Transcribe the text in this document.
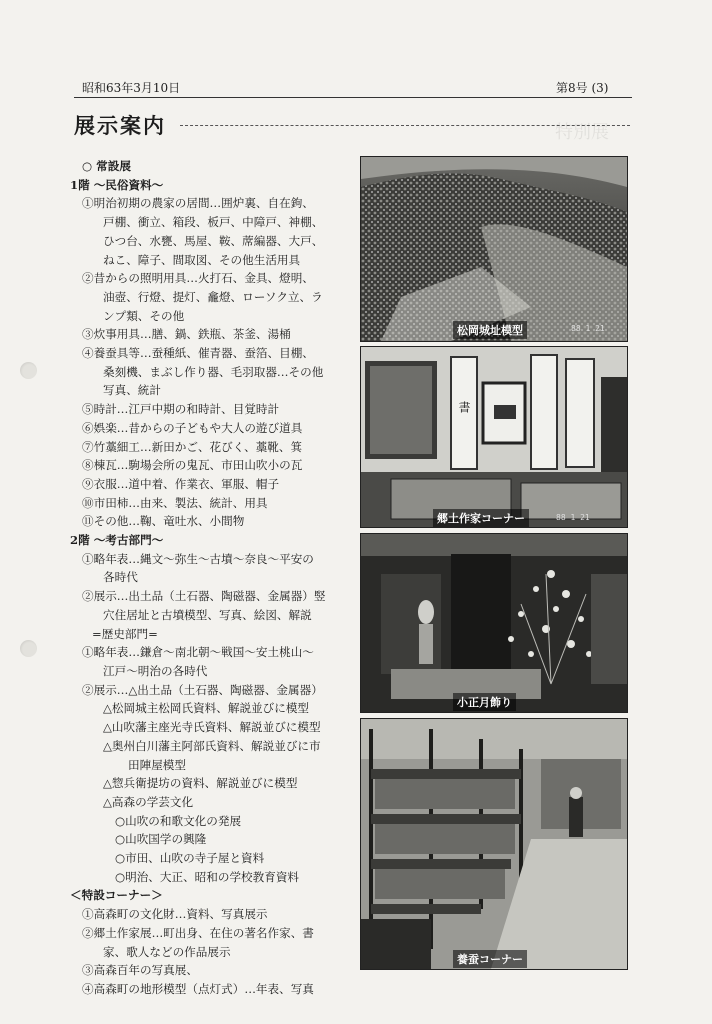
昭和63年3月10日	第8号 (3)
展示案内	特別展
○ 常設展
1階 〜民俗資料〜
①明治初期の農家の居間…囲炉裏、自在鉤、
戸棚、衝立、箱段、板戸、中障戸、神棚、
ひつ台、水甕、馬屋、鞍、蓆編器、大戸、
ねこ、障子、間取図、その他生活用具
②昔からの照明用具…火打石、金具、燈明、
油壺、行燈、提灯、龕燈、ローソク立、ラ
ンプ類、その他
③炊事用具…膳、鍋、鉄瓶、茶釜、湯桶
④養蚕具等…蚕種紙、催青器、蚕箔、目棚、
桑刻機、まぶし作り器、毛羽取器…その他
写真、統計
⑤時計…江戸中期の和時計、目覚時計
⑥娯楽…昔からの子どもや大人の遊び道具
⑦竹藁細工…新田かご、花びく、藁靴、箕
⑧棟瓦…駒場会所の鬼瓦、市田山吹小の瓦
⑨衣服…道中着、作業衣、軍服、帽子
⑩市田柿…由来、製法、統計、用具
⑪その他…鞠、竜吐水、小間物
2階 〜考古部門〜
①略年表…縄文〜弥生〜古墳〜奈良〜平安の
各時代
②展示…出土品（土石器、陶磁器、金属器）竪
穴住居址と古墳模型、写真、絵図、解説
=歴史部門=
①略年表…鎌倉〜南北朝〜戦国〜安土桃山〜
江戸〜明治の各時代
②展示…△出土品（土石器、陶磁器、金属器）
△松岡城主松岡氏資料、解説並びに模型
△山吹藩主座光寺氏資料、解説並びに模型
△奥州白川藩主阿部氏資料、解説並びに市
田陣屋模型
△惣兵衛提坊の資料、解説並びに模型
△高森の学芸文化
○山吹の和歌文化の発展
○山吹国学の興隆
○市田、山吹の寺子屋と資料
○明治、大正、昭和の学校教育資料
＜特設コーナー＞
①高森町の文化財…資料、写真展示
②郷土作家展…町出身、在住の著名作家、書
家、歌人などの作品展示
③高森百年の写真展、
④高森町の地形模型（点灯式）…年表、写真
松岡城址模型	88 1 21
書
郷土作家コーナー	88 1 21
小正月飾り
養蚕コーナー
